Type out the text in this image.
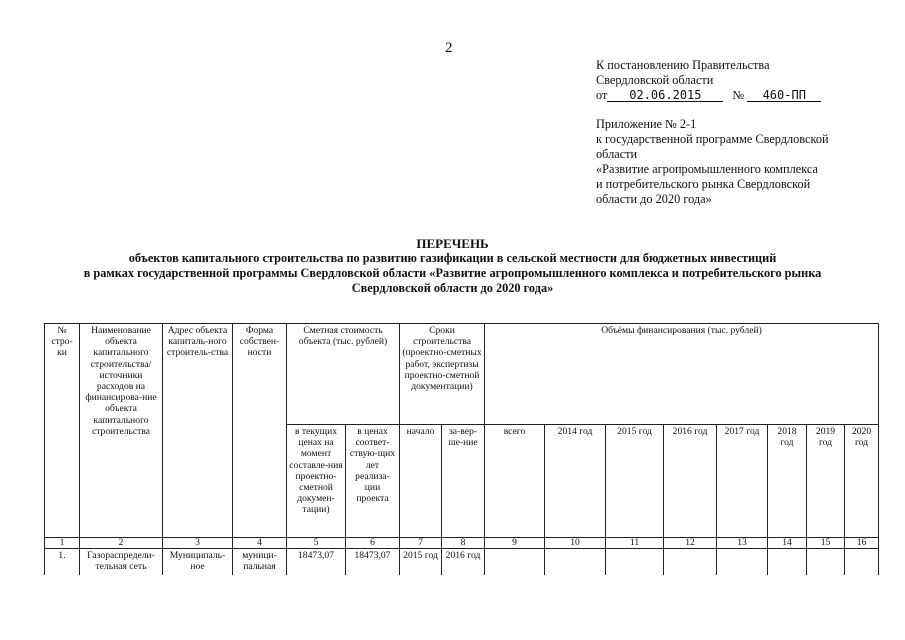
2
К постановлению Правительства
Свердловской области
от 02.06.2015	№ 460-ПП
Приложение № 2-1
к государственной программе Свердловской
области
«Развитие агропромышленного комплекса
и потребительского рынка Свердловской
области до 2020 года»
ПЕРЕЧЕНЬ
объектов капитального строительства по развитию газификации в сельской местности для бюджетных инвестиций
в рамках государственной программы Свердловской области «Развитие агропромышленного комплекса и потребительского рынка
Свердловской области до 2020 года»
№ стро-ки	Наименование объекта капитального строительства/ источники расходов на финансирова-ние объекта капитального строительства	Адрес объекта капиталь-ного строитель-ства	Форма собствен-ности	Сметная стоимость объекта (тыс. рублей)		Сроки строительства (проектно-сметных работ, экспертизы проектно-сметной документации)		Объёмы финансирования (тыс. рублей)							
				в текущих ценах на момент составле-ния проектно-сметной докумен-тации)	в ценах соответ-ствую-щих лет реализа-ции проекта	начало	за-вер-ше-ние	всего	2014 год	2015 год	2016 год	2017 год	2018 год	2019 год	2020 год
1	2	3	4	5	6	7	8	9	10	11	12	13	14	15	16
1.	Газораспредели-тельная сеть	Муниципаль-ное	муници-пальная	18473,07	18473,07	2015 год	2016 год								
